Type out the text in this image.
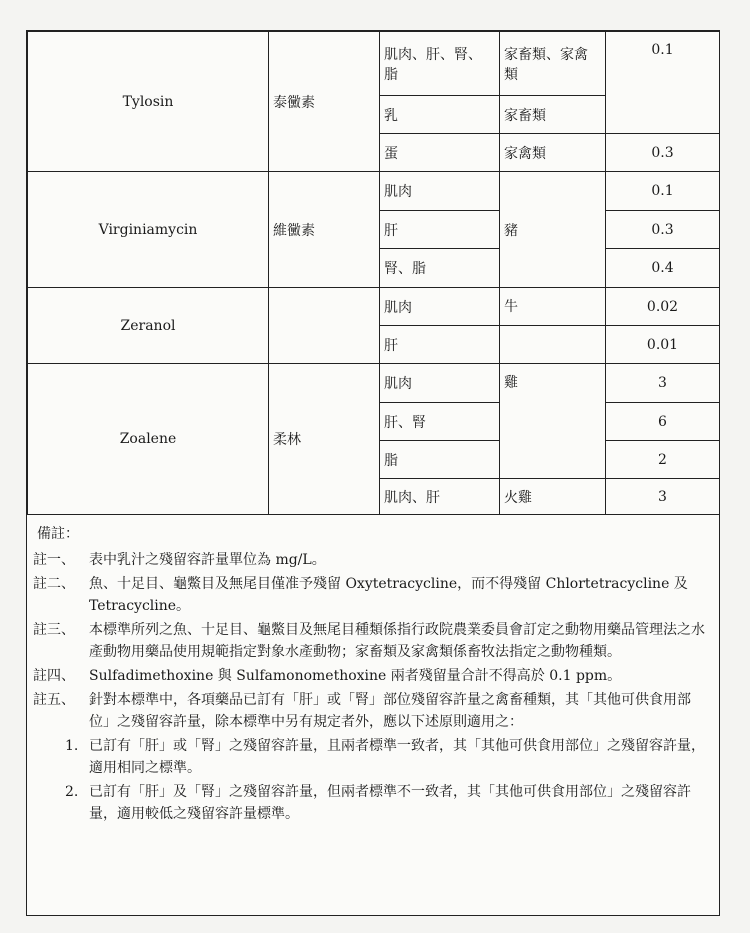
Tylosin	泰黴素	肌肉、肝、腎、脂	家畜類、家禽類	0.1
		乳	家畜類	
		蛋	家禽類	0.3
Virginiamycin	維黴素	肌肉	豬	0.1
		肝		0.3
		腎、脂		0.4
Zeranol		肌肉	牛	0.02
		肝		0.01
Zoalene	柔林	肌肉	雞	3
		肝、腎		6
		脂		2
		肌肉、肝	火雞	3
備註：
註一、 表中乳汁之殘留容許量單位為 mg/L。
註二、 魚、十足目、龜鱉目及無尾目僅准予殘留 Oxytetracycline，而不得殘留 Chlortetracycline 及 Tetracycline。
註三、 本標準所列之魚、十足目、龜鱉目及無尾目種類係指行政院農業委員會訂定之動物用藥品管理法之水產動物用藥品使用規範指定對象水產動物；家畜類及家禽類係畜牧法指定之動物種類。
註四、 Sulfadimethoxine 與 Sulfamonomethoxine 兩者殘留量合計不得高於 0.1 ppm。
註五、 針對本標準中，各項藥品已訂有「肝」或「腎」部位殘留容許量之禽畜種類，其「其他可供食用部位」之殘留容許量，除本標準中另有規定者外，應以下述原則適用之：
1. 已訂有「肝」或「腎」之殘留容許量，且兩者標準一致者，其「其他可供食用部位」之殘留容許量，適用相同之標準。
2. 已訂有「肝」及「腎」之殘留容許量，但兩者標準不一致者，其「其他可供食用部位」之殘留容許量，適用較低之殘留容許量標準。
